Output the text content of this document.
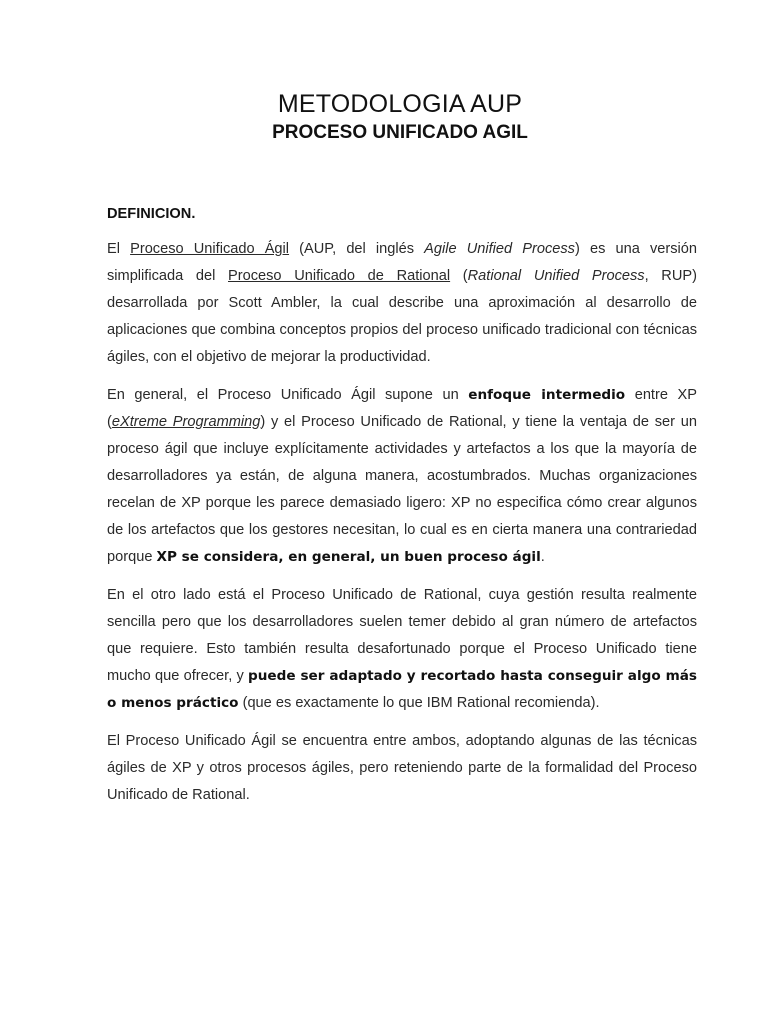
METODOLOGIA AUP
PROCESO UNIFICADO AGIL

DEFINICION.

El Proceso Unificado Ágil (AUP, del inglés Agile Unified Process) es una versión simplificada del Proceso Unificado de Rational (Rational Unified Process, RUP) desarrollada por Scott Ambler, la cual describe una aproximación al desarrollo de aplicaciones que combina conceptos propios del proceso unificado tradicional con técnicas ágiles, con el objetivo de mejorar la productividad.

En general, el Proceso Unificado Ágil supone un enfoque intermedio entre XP (eXtreme Programming) y el Proceso Unificado de Rational, y tiene la ventaja de ser un proceso ágil que incluye explícitamente actividades y artefactos a los que la mayoría de desarrolladores ya están, de alguna manera, acostumbrados. Muchas organizaciones recelan de XP porque les parece demasiado ligero: XP no especifica cómo crear algunos de los artefactos que los gestores necesitan, lo cual es en cierta manera una contrariedad porque XP se considera, en general, un buen proceso ágil.

En el otro lado está el Proceso Unificado de Rational, cuya gestión resulta realmente sencilla pero que los desarrolladores suelen temer debido al gran número de artefactos que requiere. Esto también resulta desafortunado porque el Proceso Unificado tiene mucho que ofrecer, y puede ser adaptado y recortado hasta conseguir algo más o menos práctico (que es exactamente lo que IBM Rational recomienda).

El Proceso Unificado Ágil se encuentra entre ambos, adoptando algunas de las técnicas ágiles de XP y otros procesos ágiles, pero reteniendo parte de la formalidad del Proceso Unificado de Rational.
